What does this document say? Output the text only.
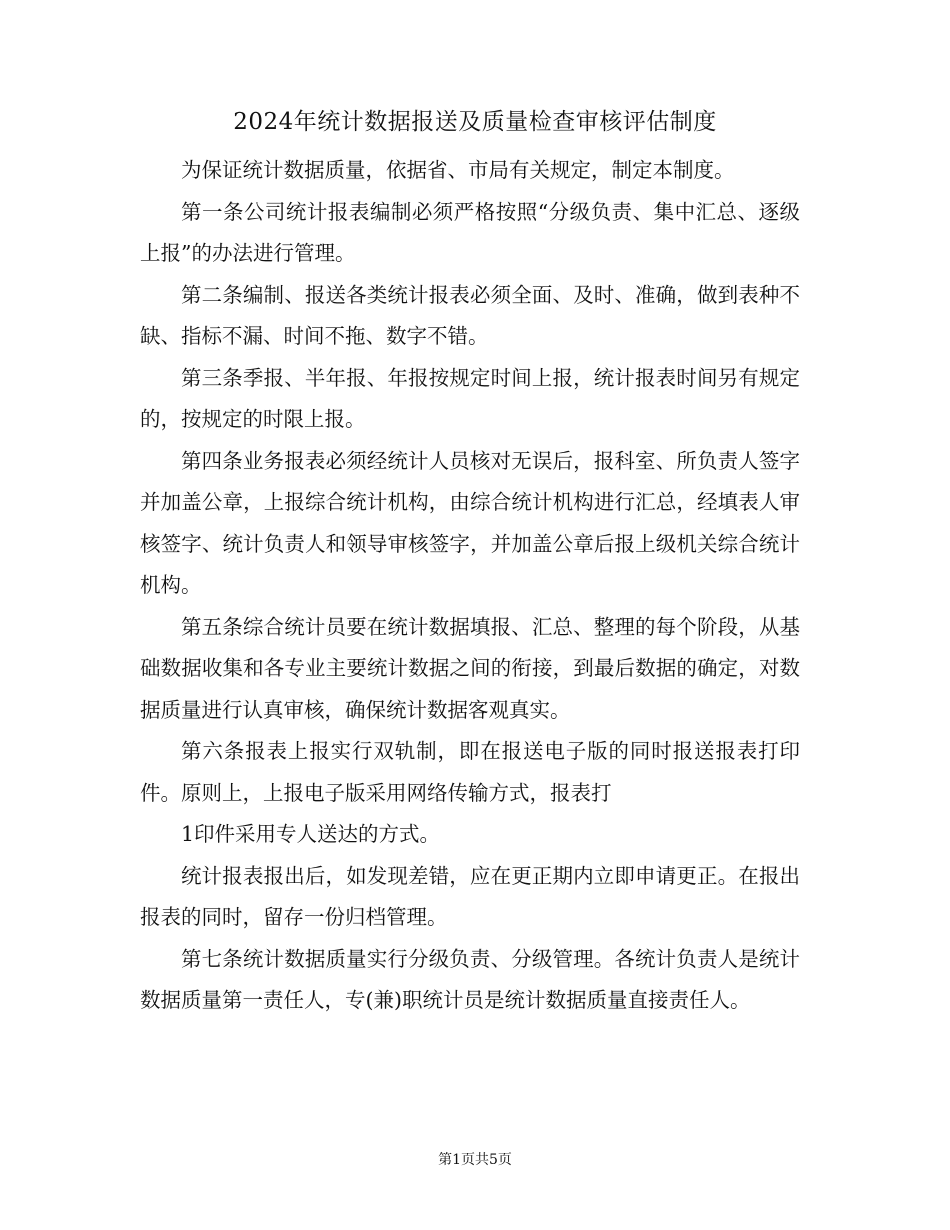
2024年统计数据报送及质量检查审核评估制度

为保证统计数据质量，依据省、市局有关规定，制定本制度。

第一条公司统计报表编制必须严格按照“分级负责、集中汇总、逐级上报”的办法进行管理。

第二条编制、报送各类统计报表必须全面、及时、准确，做到表种不缺、指标不漏、时间不拖、数字不错。

第三条季报、半年报、年报按规定时间上报，统计报表时间另有规定的，按规定的时限上报。

第四条业务报表必须经统计人员核对无误后，报科室、所负责人签字并加盖公章，上报综合统计机构，由综合统计机构进行汇总，经填表人审核签字、统计负责人和领导审核签字，并加盖公章后报上级机关综合统计机构。

第五条综合统计员要在统计数据填报、汇总、整理的每个阶段，从基础数据收集和各专业主要统计数据之间的衔接，到最后数据的确定，对数据质量进行认真审核，确保统计数据客观真实。

第六条报表上报实行双轨制，即在报送电子版的同时报送报表打印件。原则上，上报电子版采用网络传输方式，报表打

1印件采用专人送达的方式。

统计报表报出后，如发现差错，应在更正期内立即申请更正。在报出报表的同时，留存一份归档管理。

第七条统计数据质量实行分级负责、分级管理。各统计负责人是统计数据质量第一责任人，专(兼)职统计员是统计数据质量直接责任人。

第1页共5页
